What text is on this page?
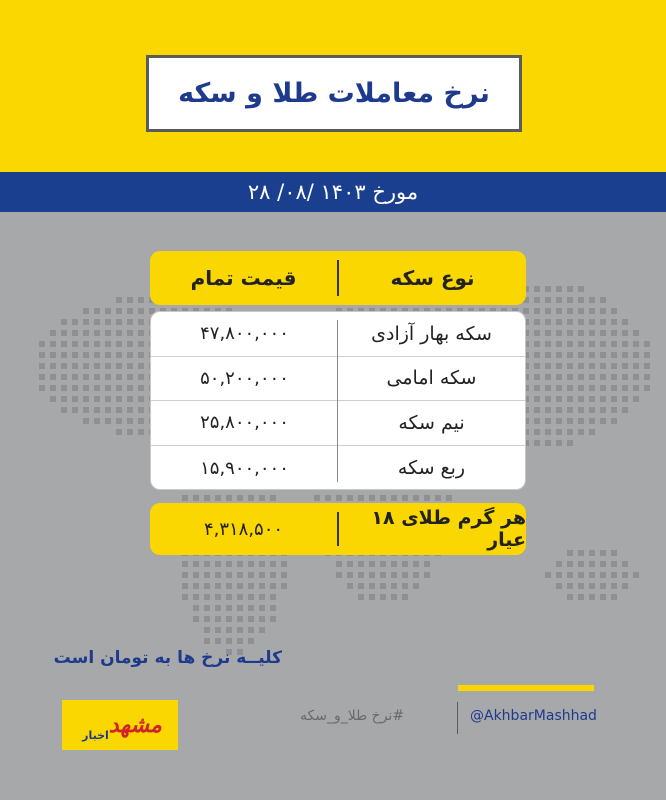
نرخ معاملات طلا و سکه
مورخ ۱۴۰۳ /۰۸/ ۲۸
نوع سکه
قیمت تمام
سکه بهار آزادی
۴۷,۸۰۰,۰۰۰
سکه امامی
۵۰,۲۰۰,۰۰۰
نیم سکه
۲۵,۸۰۰,۰۰۰
ربع سکه
۱۵,۹۰۰,۰۰۰
هر گرم طلای ۱۸ عیار
۴,۳۱۸,۵۰۰
کلیــه نرخ ها به تومان است
مشهد
اخبار
#نرخ طلا_و_سکه	@AkhbarMashhad
